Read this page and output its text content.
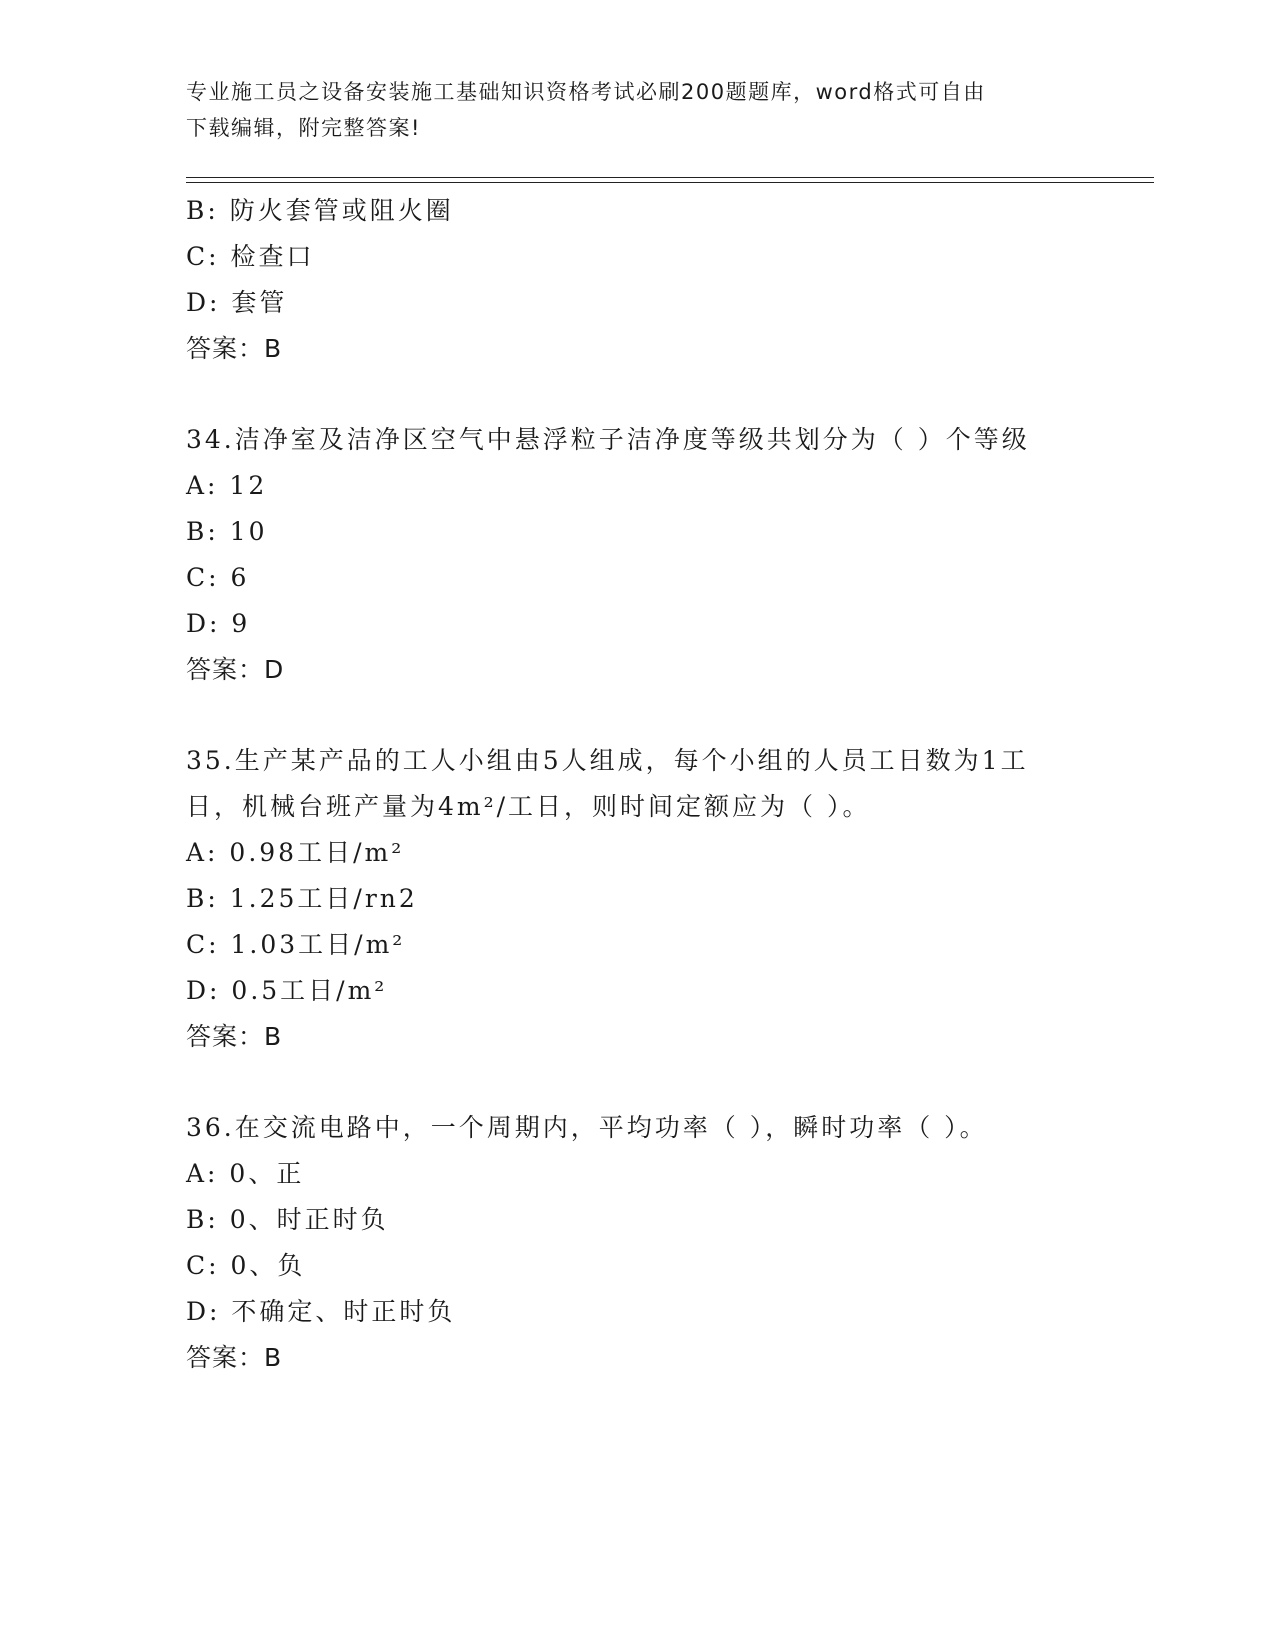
专业施工员之设备安装施工基础知识资格考试必刷200题题库，word格式可自由
下载编辑，附完整答案!
B: 防火套管或阻火圈
C: 检查口
D: 套管
答案：B
34.洁净室及洁净区空气中悬浮粒子洁净度等级共划分为（ ）个等级
A: 12
B: 10
C: 6
D: 9
答案：D
35.生产某产品的工人小组由5人组成，每个小组的人员工日数为1工
日，机械台班产量为4m²/工日，则时间定额应为（ ）。
A: 0.98工日/m²
B: 1.25工日/rn2
C: 1.03工日/m²
D: 0.5工日/m²
答案：B
36.在交流电路中，一个周期内，平均功率（ ），瞬时功率（ ）。
A: 0、正
B: 0、时正时负
C: 0、负
D: 不确定、时正时负
答案：B
